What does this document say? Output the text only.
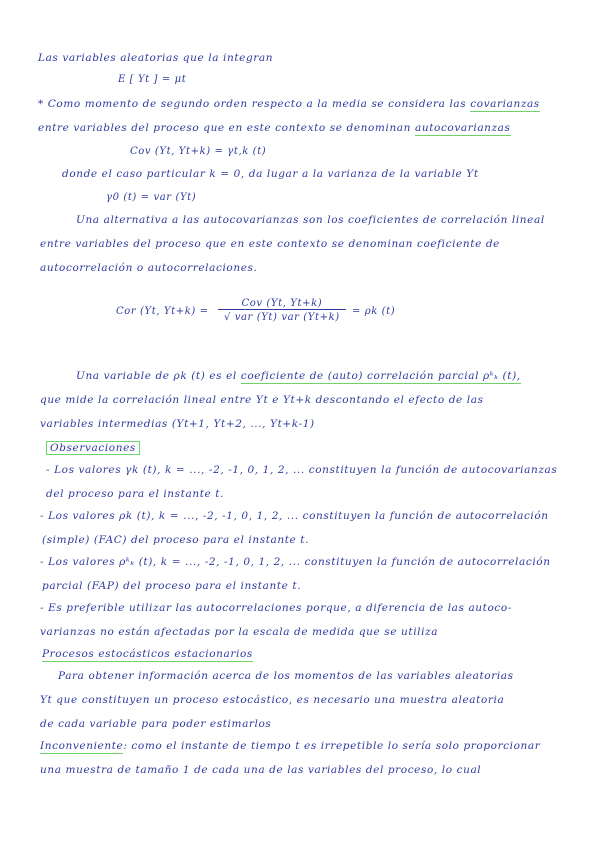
Las variables aleatorias que la integran
E [ Yt ] = μt
* Como momento de segundo orden respecto a la media se considera las covarianzas
entre variables del proceso que en este contexto se denominan autocovarianzas
Cov (Yt, Yt+k) = γt,k (t)
donde el caso particular k = 0, da lugar a la varianza de la variable Yt
γ0 (t) = var (Yt)
Una alternativa a las autocovarianzas son los coeficientes de correlación lineal
entre variables del proceso que en este contexto se denominan coeficiente de
autocorrelación o autocorrelaciones.
Cor (Yt, Yt+k) =
Cov (Yt, Yt+k)
√ var (Yt) var (Yt+k)
= ρk (t)
Una variable de ρk (t) es el coeficiente de (auto) correlación parcial ρᵏₖ (t),
que mide la correlación lineal entre Yt e Yt+k descontando el efecto de las
variables intermedias (Yt+1, Yt+2, ..., Yt+k-1)
Observaciones
- Los valores γk (t), k = ..., -2, -1, 0, 1, 2, ... constituyen la función de autocovarianzas
del proceso para el instante t.
- Los valores ρk (t), k = ..., -2, -1, 0, 1, 2, ... constituyen la función de autocorrelación
(simple) (FAC) del proceso para el instante t.
- Los valores ρᵏₖ (t), k = ..., -2, -1, 0, 1, 2, ... constituyen la función de autocorrelación
parcial (FAP) del proceso para el instante t.
- Es preferible utilizar las autocorrelaciones porque, a diferencia de las autoco-
varianzas no están afectadas por la escala de medida que se utiliza
Procesos estocásticos estacionarios
Para obtener información acerca de los momentos de las variables aleatorias
Yt que constituyen un proceso estocástico, es necesario una muestra aleatoria
de cada variable para poder estimarlos
Inconveniente: como el instante de tiempo t es irrepetible lo sería solo proporcionar
una muestra de tamaño 1 de cada una de las variables del proceso, lo cual
